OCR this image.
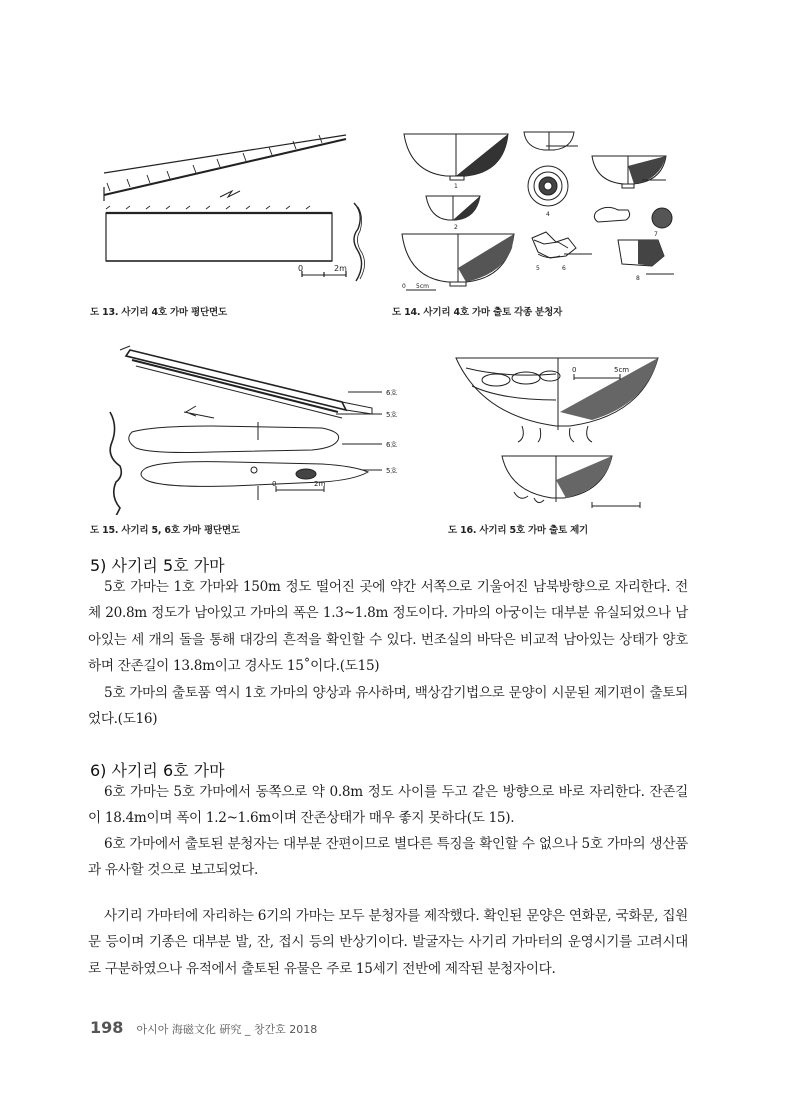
0	2m
도 13. 사기리 4호 가마 평단면도
1
2
4
5	6
7
8
0 5cm
도 14. 사기리 4호 가마 출토 각종 분청자
6호
5호
6호
5호
0	2m
도 15. 사기리 5, 6호 가마 평단면도
0	5cm
도 16. 사기리 5호 가마 출토 제기
5) 사기리 5호 가마

5호 가마는 1호 가마와 150m 정도 떨어진 곳에 약간 서쪽으로 기울어진 남북방향으로 자리한다. 전체 20.8m 정도가 남아있고 가마의 폭은 1.3~1.8m 정도이다. 가마의 아궁이는 대부분 유실되었으나 남아있는 세 개의 돌을 통해 대강의 흔적을 확인할 수 있다. 번조실의 바닥은 비교적 남아있는 상태가 양호하며 잔존길이 13.8m이고 경사도 15˚이다.(도15)

5호 가마의 출토품 역시 1호 가마의 양상과 유사하며, 백상감기법으로 문양이 시문된 제기편이 출토되었다.(도16)

6) 사기리 6호 가마

6호 가마는 5호 가마에서 동쪽으로 약 0.8m 정도 사이를 두고 같은 방향으로 바로 자리한다. 잔존길이 18.4m이며 폭이 1.2~1.6m이며 잔존상태가 매우 좋지 못하다(도 15).

6호 가마에서 출토된 분청자는 대부분 잔편이므로 별다른 특징을 확인할 수 없으나 5호 가마의 생산품과 유사할 것으로 보고되었다.

사기리 가마터에 자리하는 6기의 가마는 모두 분청자를 제작했다. 확인된 문양은 연화문, 국화문, 집원문 등이며 기종은 대부분 발, 잔, 접시 등의 반상기이다. 발굴자는 사기리 가마터의 운영시기를 고려시대로 구분하였으나 유적에서 출토된 유물은 주로 15세기 전반에 제작된 분청자이다.

198 아시아 海磁文化 硏究 _ 창간호 2018
